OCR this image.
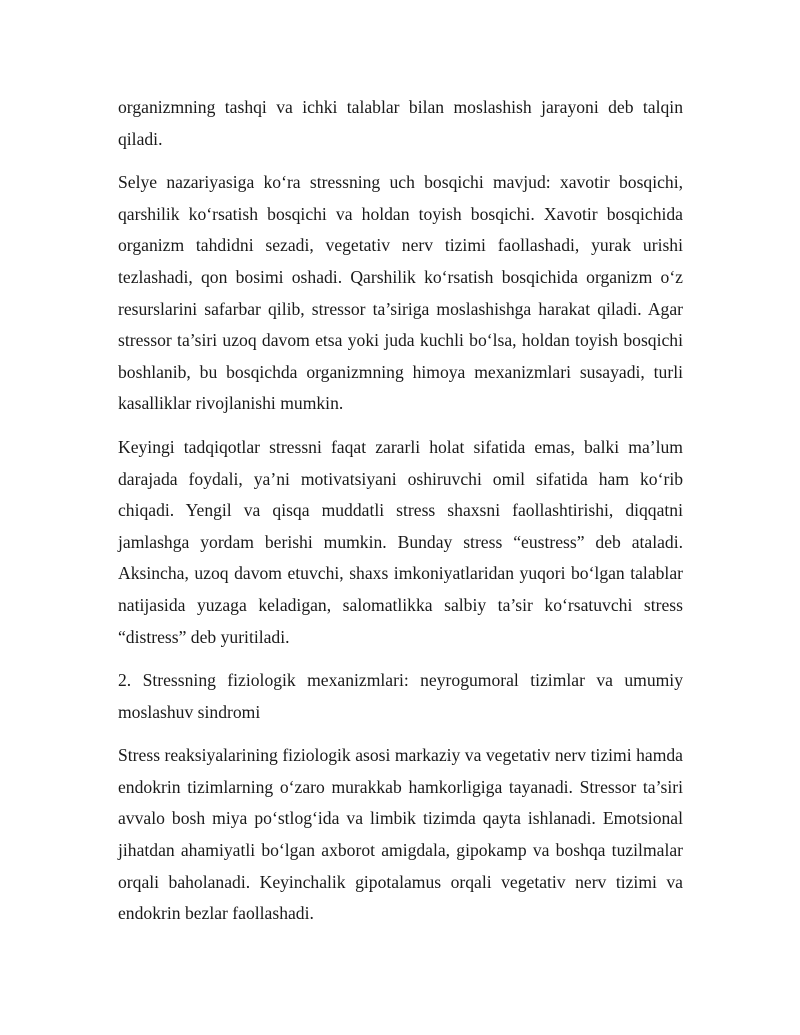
organizmning tashqi va ichki talablar bilan moslashish jarayoni deb talqin qiladi.

Selye nazariyasiga ko‘ra stressning uch bosqichi mavjud: xavotir bosqichi, qarshilik ko‘rsatish bosqichi va holdan toyish bosqichi. Xavotir bosqichida organizm tahdidni sezadi, vegetativ nerv tizimi faollashadi, yurak urishi tezlashadi, qon bosimi oshadi. Qarshilik ko‘rsatish bosqichida organizm o‘z resurslarini safarbar qilib, stressor ta’siriga moslashishga harakat qiladi. Agar stressor ta’siri uzoq davom etsa yoki juda kuchli bo‘lsa, holdan toyish bosqichi boshlanib, bu bosqichda organizmning himoya mexanizmlari susayadi, turli kasalliklar rivojlanishi mumkin.

Keyingi tadqiqotlar stressni faqat zararli holat sifatida emas, balki ma’lum darajada foydali, ya’ni motivatsiyani oshiruvchi omil sifatida ham ko‘rib chiqadi. Yengil va qisqa muddatli stress shaxsni faollashtirishi, diqqatni jamlashga yordam berishi mumkin. Bunday stress “eustress” deb ataladi. Aksincha, uzoq davom etuvchi, shaxs imkoniyatlaridan yuqori bo‘lgan talablar natijasida yuzaga keladigan, salomatlikka salbiy ta’sir ko‘rsatuvchi stress “distress” deb yuritiladi.

2. Stressning fiziologik mexanizmlari: neyrogumoral tizimlar va umumiy moslashuv sindromi

Stress reaksiyalarining fiziologik asosi markaziy va vegetativ nerv tizimi hamda endokrin tizimlarning o‘zaro murakkab hamkorligiga tayanadi. Stressor ta’siri avvalo bosh miya po‘stlog‘ida va limbik tizimda qayta ishlanadi. Emotsional jihatdan ahamiyatli bo‘lgan axborot amigdala, gipokamp va boshqa tuzilmalar orqali baholanadi. Keyinchalik gipotalamus orqali vegetativ nerv tizimi va endokrin bezlar faollashadi.
